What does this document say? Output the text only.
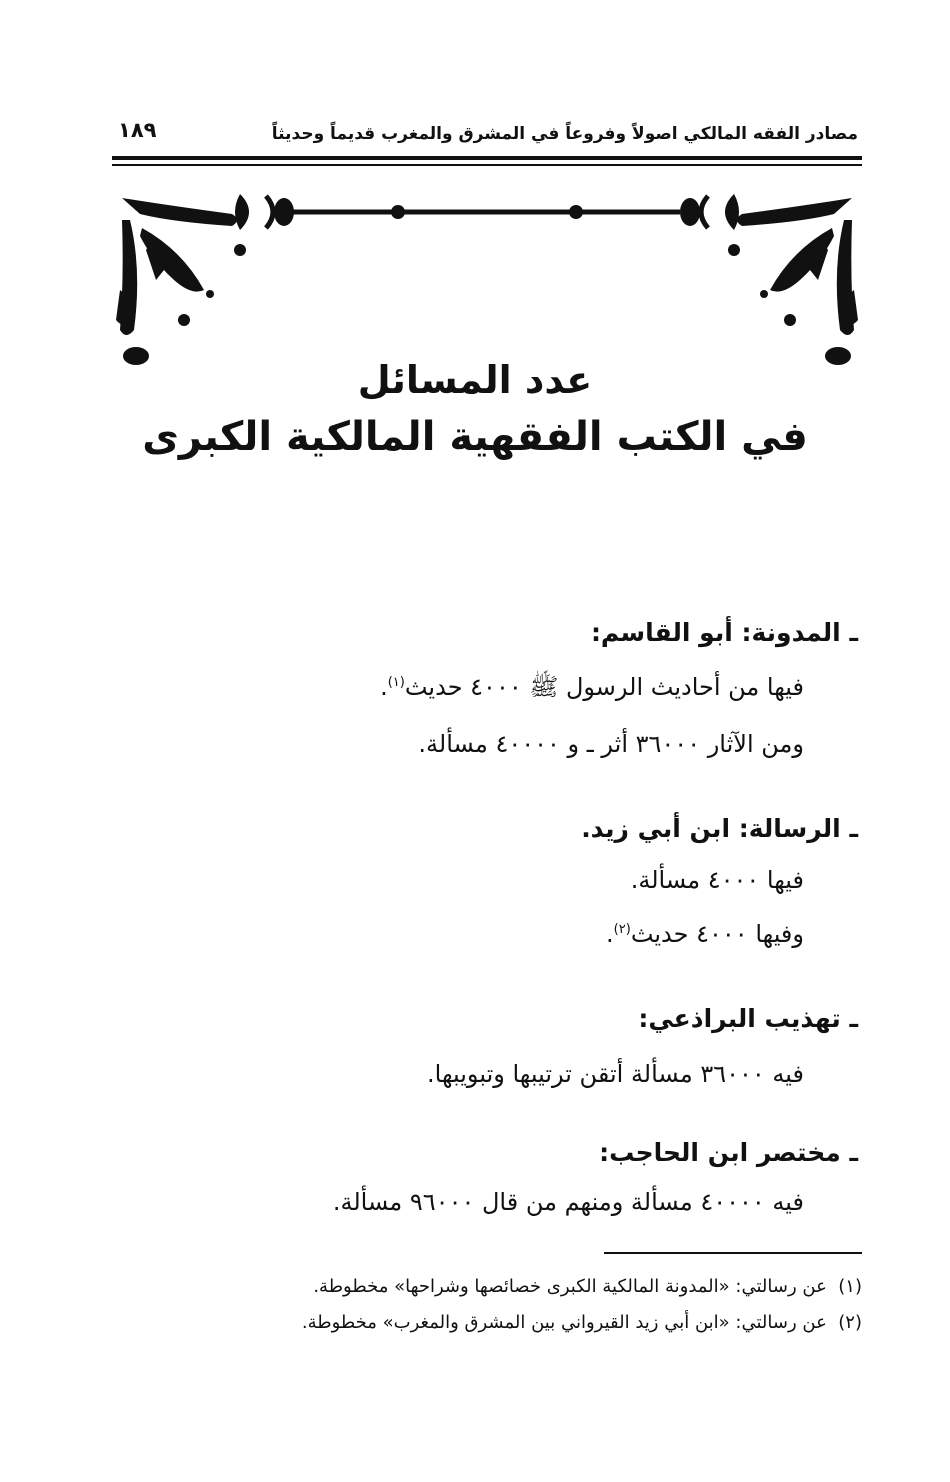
مصادر الفقه المالكي اصولاً وفروعاً في المشرق والمغرب قديماً وحديثاً
١٨٩
عدد المسائل
في الكتب الفقهية المالكية الكبرى
ـ المدونة: أبو القاسم:
فيها من أحاديث الرسول ﷺ ٤٠٠٠ حديث$^{(١)}$.
ومن الآثار ٣٦٠٠٠ أثر ـ و ٤٠٠٠٠ مسألة.
ـ الرسالة: ابن أبي زيد.
فيها ٤٠٠٠ مسألة.
وفيها ٤٠٠٠ حديث$^{(٢)}$.
ـ تهذيب البراذعي:
فيه ٣٦٠٠٠ مسألة أتقن ترتيبها وتبويبها.
ـ مختصر ابن الحاجب:
فيه ٤٠٠٠٠ مسألة ومنهم من قال ٩٦٠٠٠ مسألة.
(١)  عن رسالتي: «المدونة المالكية الكبرى خصائصها وشراحها» مخطوطة.
(٢)  عن رسالتي: «ابن أبي زيد القيرواني بين المشرق والمغرب» مخطوطة.
